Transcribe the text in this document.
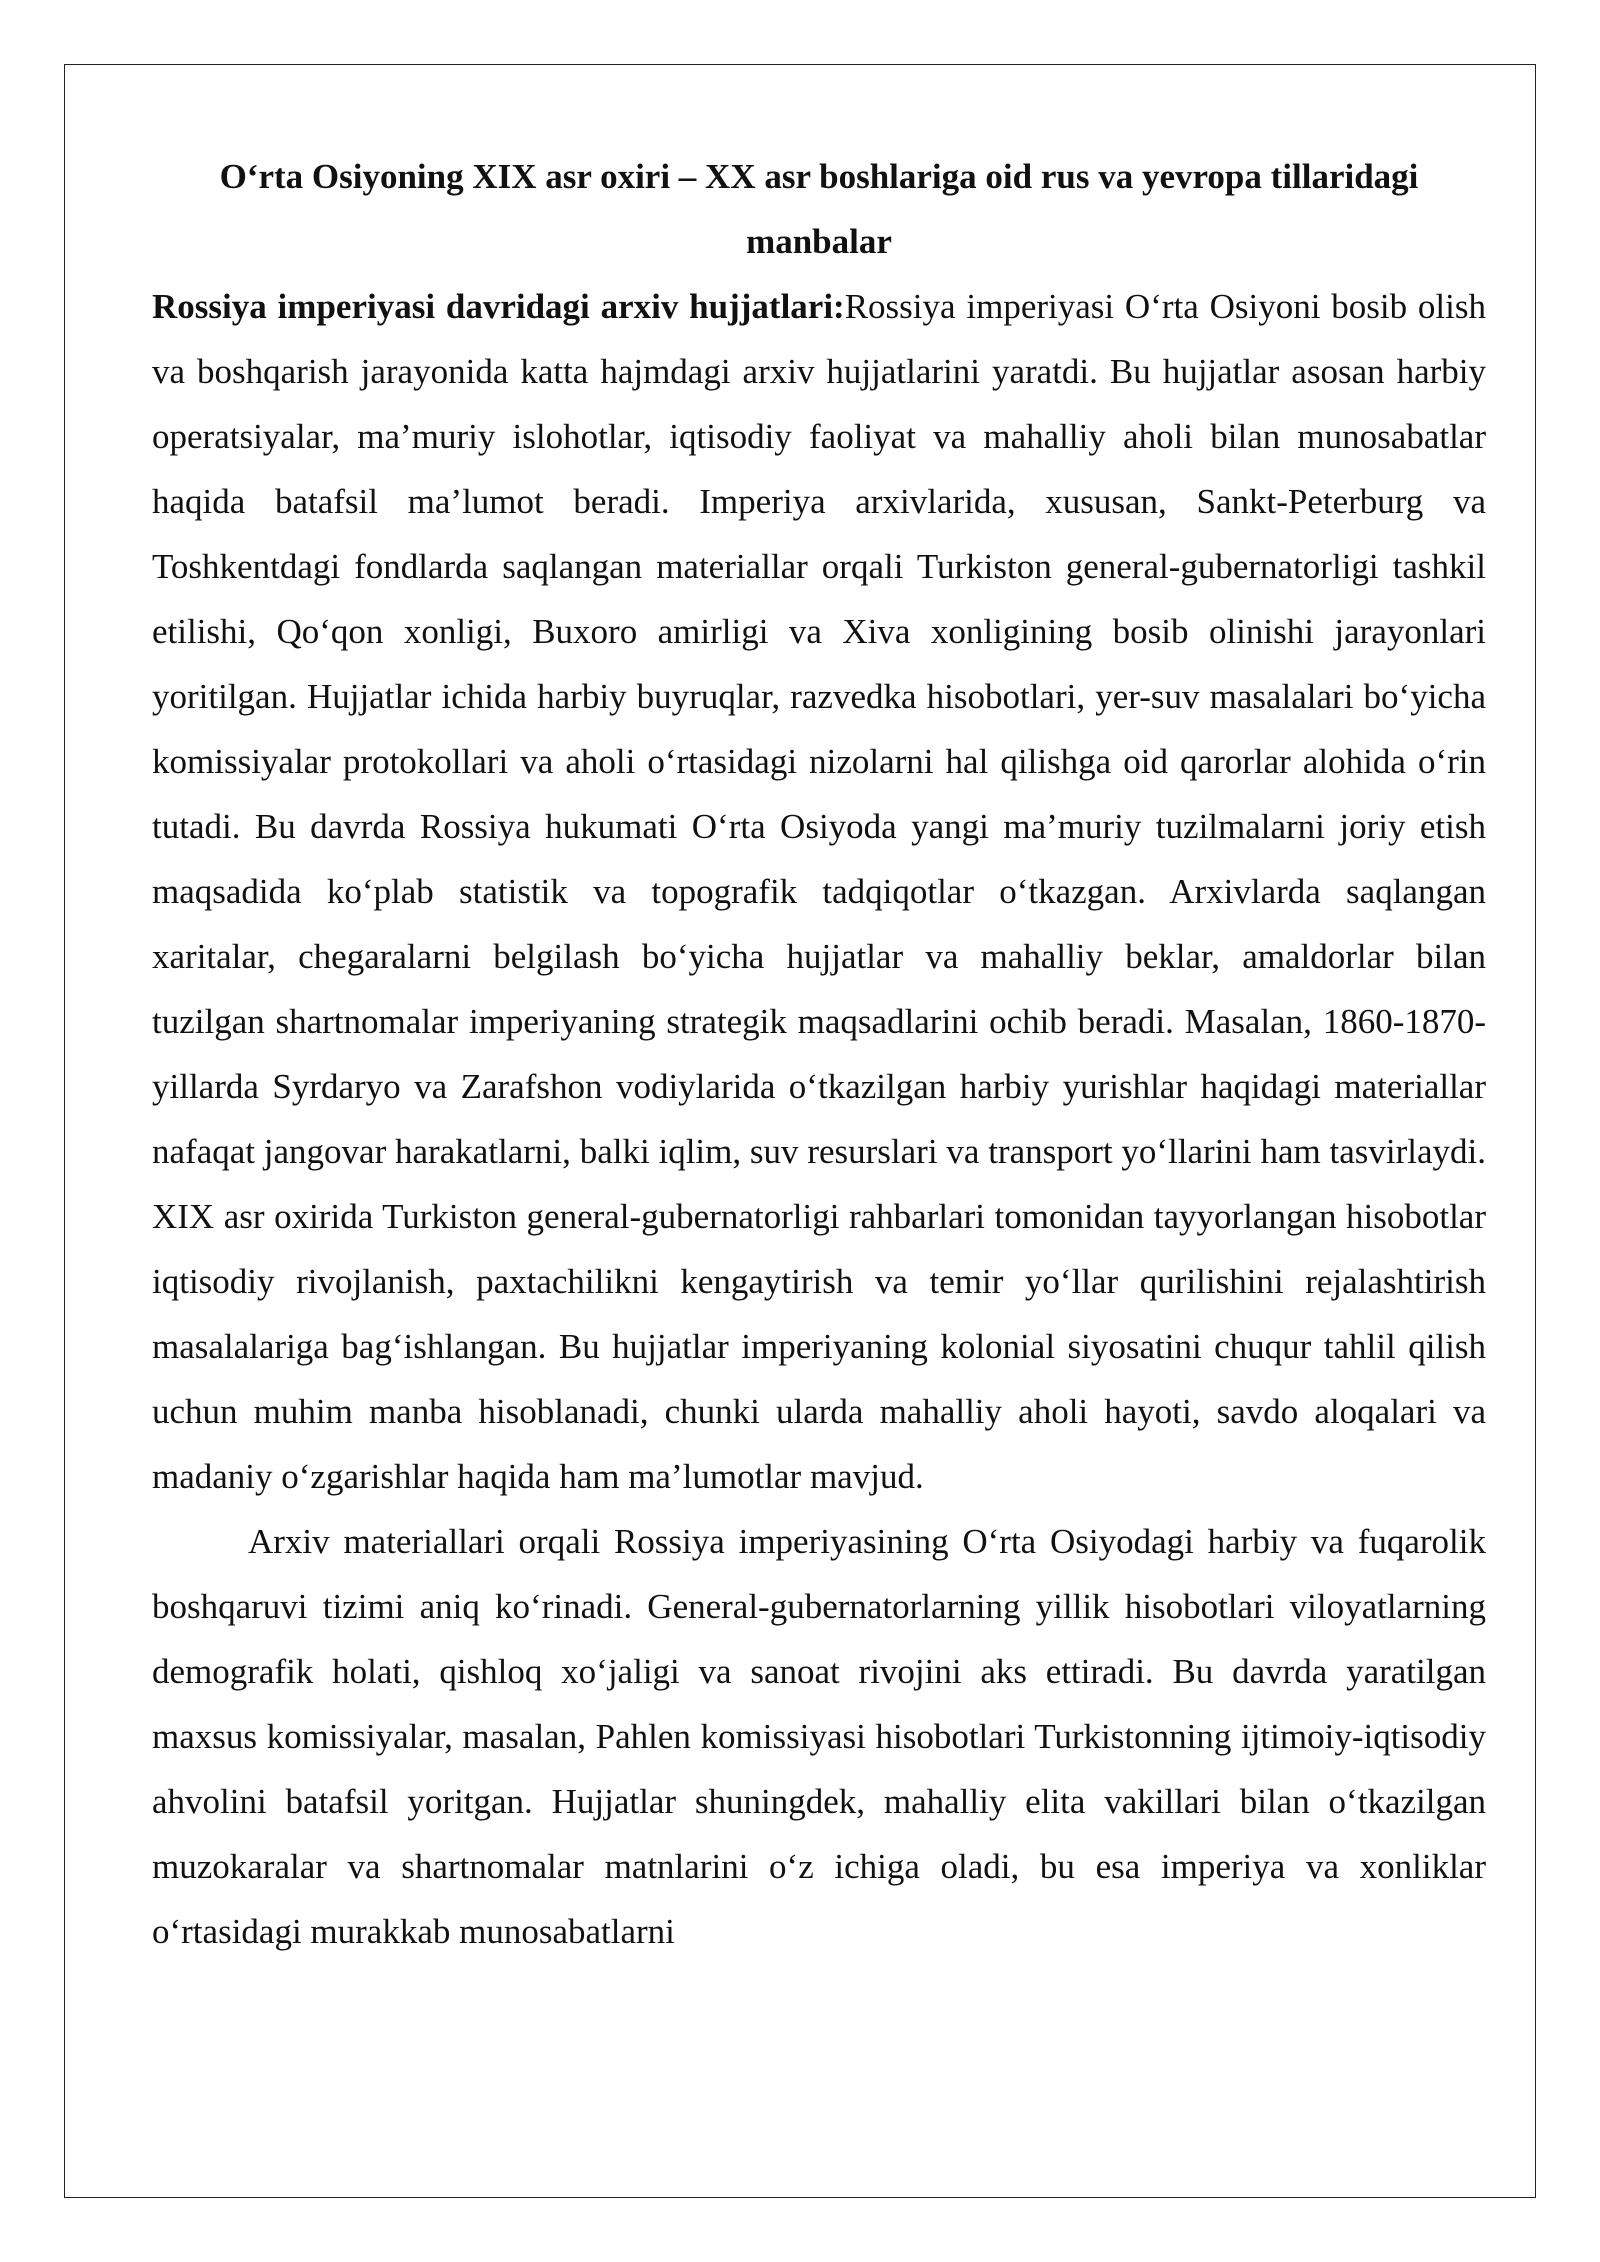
O‘rta Osiyoning XIX asr oxiri – XX asr boshlariga oid rus va yevropa tillaridagi manbalar

Rossiya imperiyasi davridagi arxiv hujjatlari:Rossiya imperiyasi O‘rta Osiyoni bosib olish va boshqarish jarayonida katta hajmdagi arxiv hujjatlarini yaratdi. Bu hujjatlar asosan harbiy operatsiyalar, ma’muriy islohotlar, iqtisodiy faoliyat va mahalliy aholi bilan munosabatlar haqida batafsil ma’lumot beradi. Imperiya arxivlarida, xususan, Sankt-Peterburg va Toshkentdagi fondlarda saqlangan materiallar orqali Turkiston general-gubernatorligi tashkil etilishi, Qo‘qon xonligi, Buxoro amirligi va Xiva xonligining bosib olinishi jarayonlari yoritilgan. Hujjatlar ichida harbiy buyruqlar, razvedka hisobotlari, yer-suv masalalari bo‘yicha komissiyalar protokollari va aholi o‘rtasidagi nizolarni hal qilishga oid qarorlar alohida o‘rin tutadi. Bu davrda Rossiya hukumati O‘rta Osiyoda yangi ma’muriy tuzilmalarni joriy etish maqsadida ko‘plab statistik va topografik tadqiqotlar o‘tkazgan. Arxivlarda saqlangan xaritalar, chegaralarni belgilash bo‘yicha hujjatlar va mahalliy beklar, amaldorlar bilan tuzilgan shartnomalar imperiyaning strategik maqsadlarini ochib beradi. Masalan, 1860-1870-yillarda Syrdaryo va Zarafshon vodiylarida o‘tkazilgan harbiy yurishlar haqidagi materiallar nafaqat jangovar harakatlarni, balki iqlim, suv resurslari va transport yo‘llarini ham tasvirlaydi. XIX asr oxirida Turkiston general-gubernatorligi rahbarlari tomonidan tayyorlangan hisobotlar iqtisodiy rivojlanish, paxtachilikni kengaytirish va temir yo‘llar qurilishini rejalashtirish masalalariga bag‘ishlangan. Bu hujjatlar imperiyaning kolonial siyosatini chuqur tahlil qilish uchun muhim manba hisoblanadi, chunki ularda mahalliy aholi hayoti, savdo aloqalari va madaniy o‘zgarishlar haqida ham ma’lumotlar mavjud.

Arxiv materiallari orqali Rossiya imperiyasining O‘rta Osiyodagi harbiy va fuqarolik boshqaruvi tizimi aniq ko‘rinadi. General-gubernatorlarning yillik hisobotlari viloyatlarning demografik holati, qishloq xo‘jaligi va sanoat rivojini aks ettiradi. Bu davrda yaratilgan maxsus komissiyalar, masalan, Pahlen komissiyasi hisobotlari Turkistonning ijtimoiy-iqtisodiy ahvolini batafsil yoritgan. Hujjatlar shuningdek, mahalliy elita vakillari bilan o‘tkazilgan muzokaralar va shartnomalar matnlarini o‘z ichiga oladi, bu esa imperiya va xonliklar o‘rtasidagi murakkab munosabatlarni
